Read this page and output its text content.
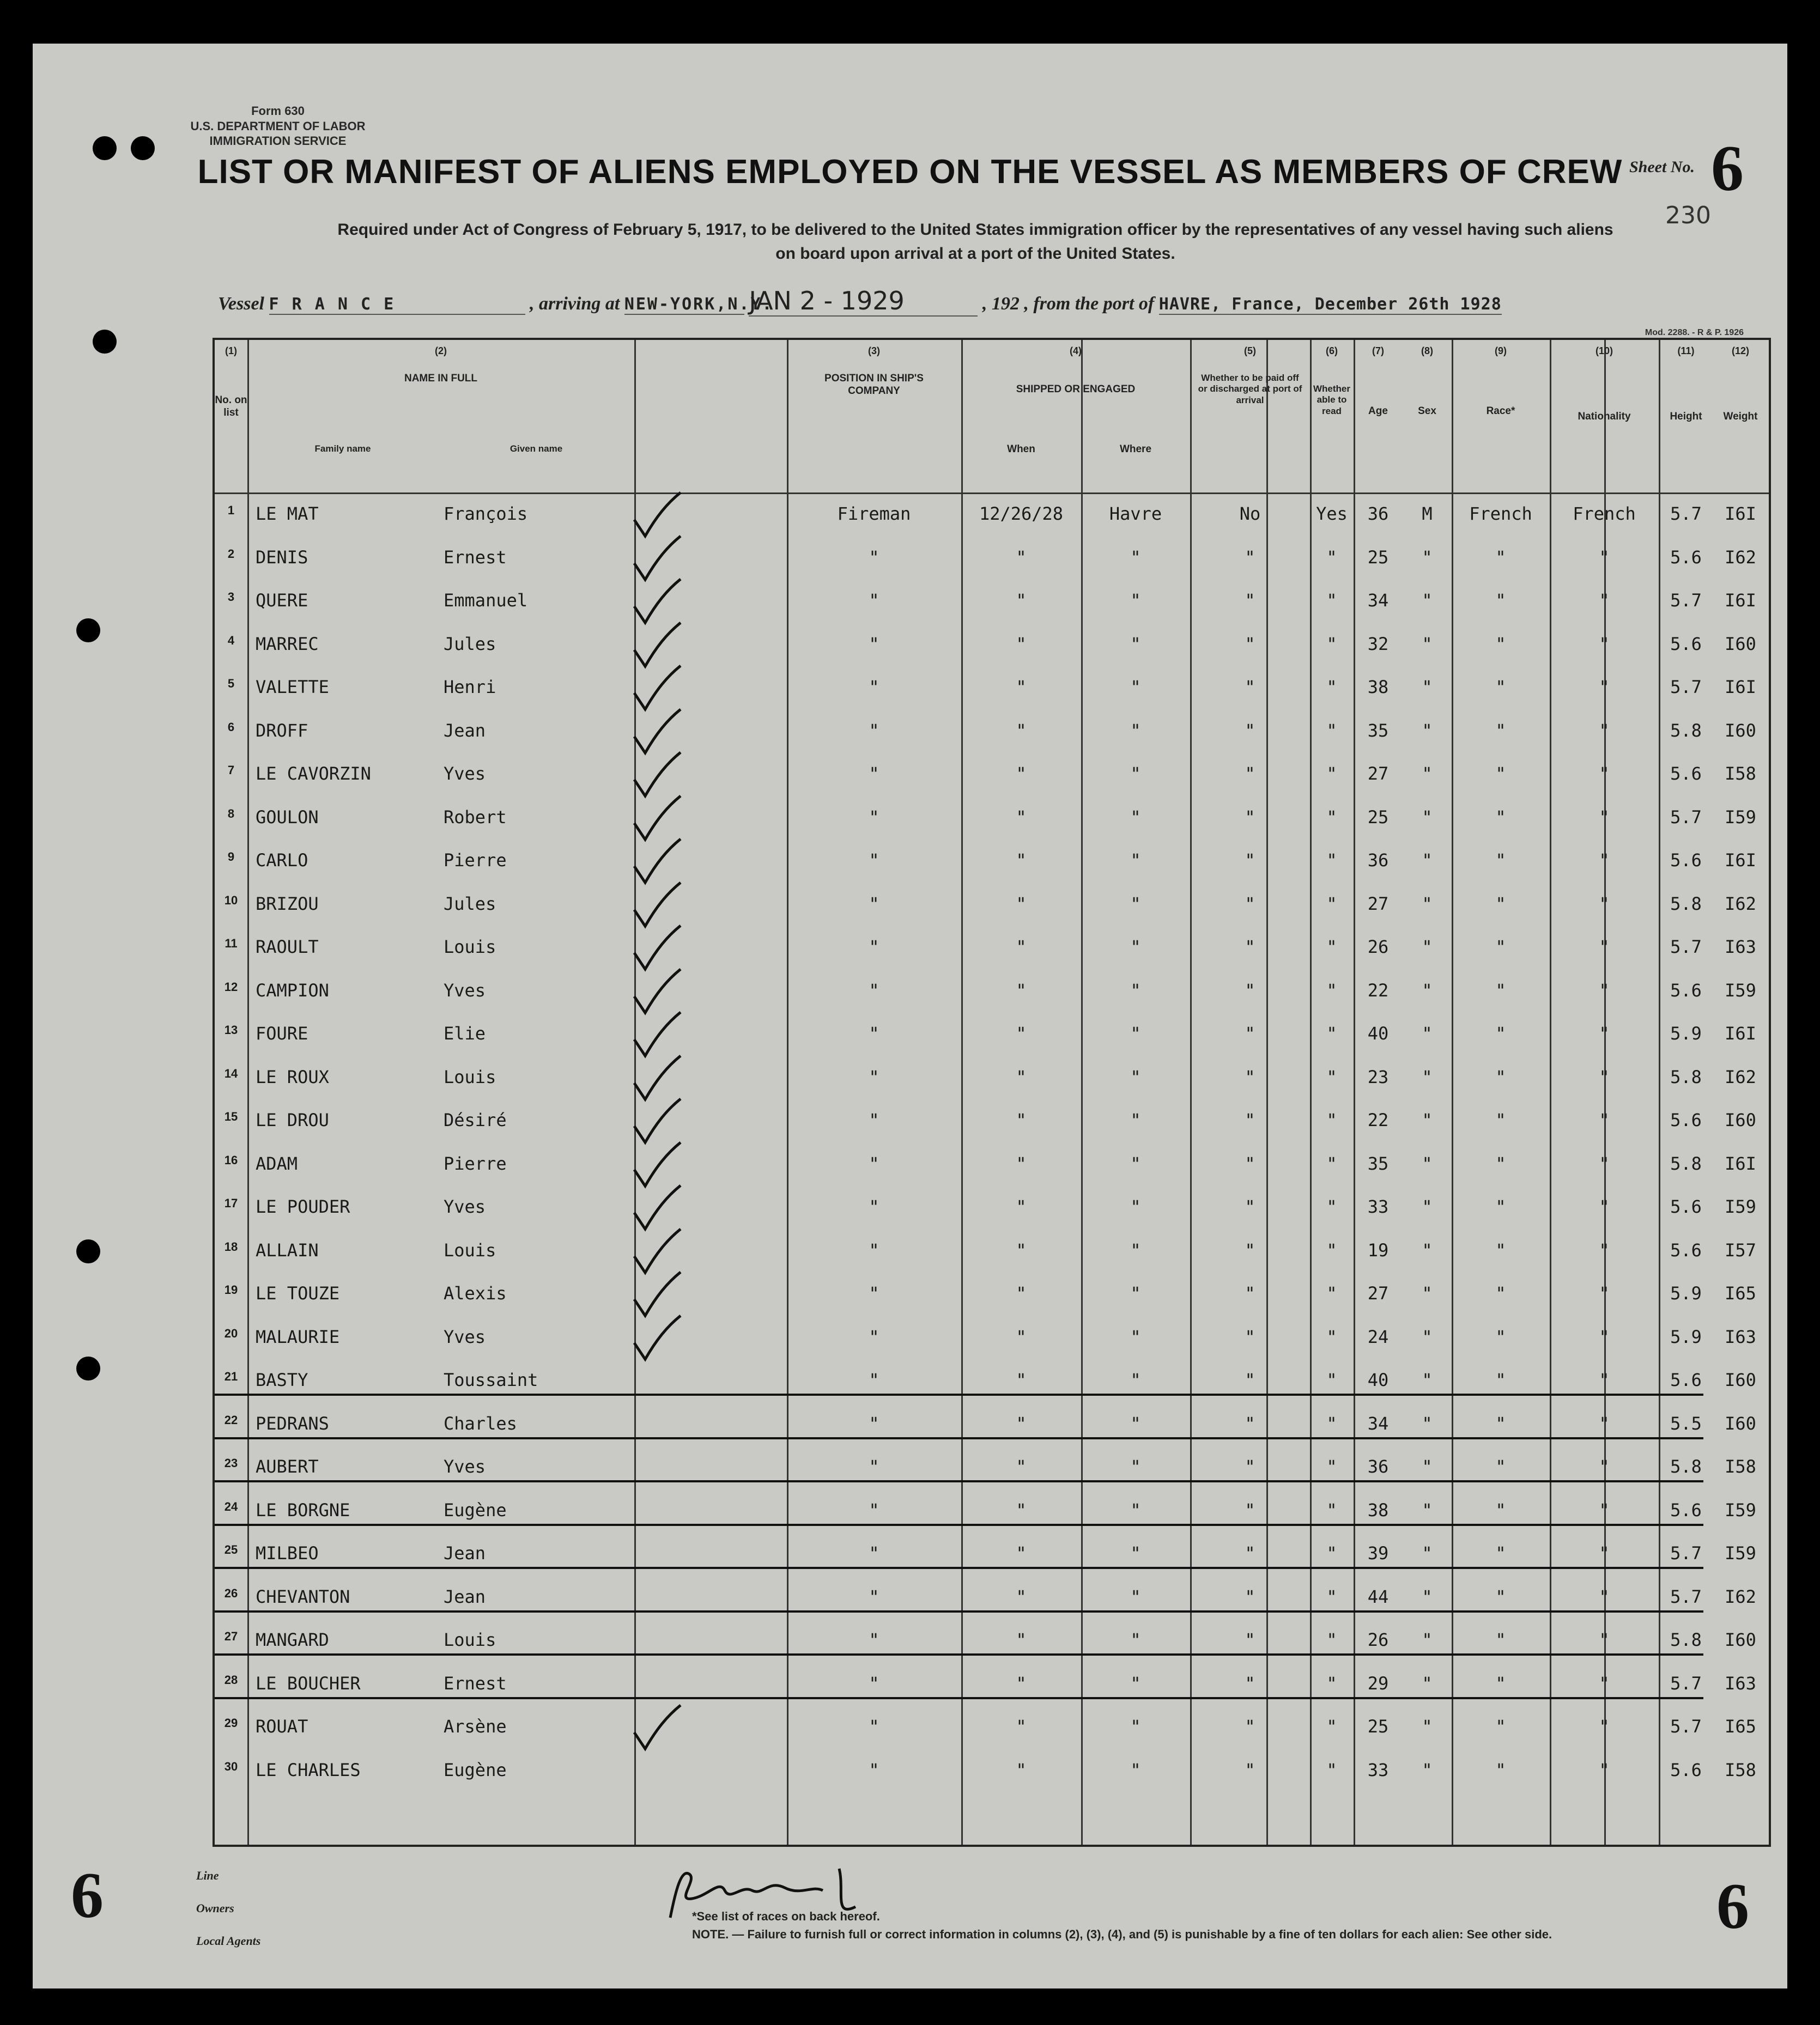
Form 630
U.S. DEPARTMENT OF LABOR
IMMIGRATION SERVICE
LIST OR MANIFEST OF ALIENS EMPLOYED ON THE VESSEL AS MEMBERS OF CREW Sheet No. 6
230
Required under Act of Congress of February 5, 1917, to be delivered to the United States immigration officer by the representatives of any vessel having such aliens
on board upon arrival at a port of the United States.
Vessel F R A N C E	, arriving at NEW-YORK,N.Y. JAN 2 - 1929	, 192 , from the port of HAVRE, France, December 26th 1928
Mod. 2288. - R & P. 1926
(1)
No. on list
(2)
NAME IN FULL
Family name	Given name
(3)
POSITION IN SHIP'S COMPANY
(4)
SHIPPED OR ENGAGED
When	Where
(5)
Whether to be paid off or discharged at port of arrival
(6)
Whether able to read
(7)
Age
(8)
Sex
(9)
Race*
(10)
Nationality
(11)
Height
(12)
Weight
1	LE MAT	François	Fireman	12/26/28	Havre	No	Yes	36	M	French	French	5.7	I6I
2	DENIS	Ernest	"	"	"	"	"	25	"	"	"	5.6	I62
3	QUERE	Emmanuel	"	"	"	"	"	34	"	"	"	5.7	I6I
4	MARREC	Jules	"	"	"	"	"	32	"	"	"	5.6	I60
5	VALETTE	Henri	"	"	"	"	"	38	"	"	"	5.7	I6I
6	DROFF	Jean	"	"	"	"	"	35	"	"	"	5.8	I60
7	LE CAVORZIN	Yves	"	"	"	"	"	27	"	"	"	5.6	I58
8	GOULON	Robert	"	"	"	"	"	25	"	"	"	5.7	I59
9	CARLO	Pierre	"	"	"	"	"	36	"	"	"	5.6	I6I
10	BRIZOU	Jules	"	"	"	"	"	27	"	"	"	5.8	I62
11	RAOULT	Louis	"	"	"	"	"	26	"	"	"	5.7	I63
12	CAMPION	Yves	"	"	"	"	"	22	"	"	"	5.6	I59
13	FOURE	Elie	"	"	"	"	"	40	"	"	"	5.9	I6I
14	LE ROUX	Louis	"	"	"	"	"	23	"	"	"	5.8	I62
15	LE DROU	Désiré	"	"	"	"	"	22	"	"	"	5.6	I60
16	ADAM	Pierre	"	"	"	"	"	35	"	"	"	5.8	I6I
17	LE POUDER	Yves	"	"	"	"	"	33	"	"	"	5.6	I59
18	ALLAIN	Louis	"	"	"	"	"	19	"	"	"	5.6	I57
19	LE TOUZE	Alexis	"	"	"	"	"	27	"	"	"	5.9	I65
20	MALAURIE	Yves	"	"	"	"	"	24	"	"	"	5.9	I63
21	BASTY	Toussaint	"	"	"	"	"	40	"	"	"	5.6	I60
22	PEDRANS	Charles	"	"	"	"	"	34	"	"	"	5.5	I60
23	AUBERT	Yves	"	"	"	"	"	36	"	"	"	5.8	I58
24	LE BORGNE	Eugène	"	"	"	"	"	38	"	"	"	5.6	I59
25	MILBEO	Jean	"	"	"	"	"	39	"	"	"	5.7	I59
26	CHEVANTON	Jean	"	"	"	"	"	44	"	"	"	5.7	I62
27	MANGARD	Louis	"	"	"	"	"	26	"	"	"	5.8	I60
28	LE BOUCHER	Ernest	"	"	"	"	"	29	"	"	"	5.7	I63
29	ROUAT	Arsène	"	"	"	"	"	25	"	"	"	5.7	I65
30	LE CHARLES	Eugène	"	"	"	"	"	33	"	"	"	5.6	I58
6	6
Line
Owners
Local Agents
*See list of races on back hereof.
NOTE. — Failure to furnish full or correct information in columns (2), (3), (4), and (5) is punishable by a fine of ten dollars for each alien: See other side.
